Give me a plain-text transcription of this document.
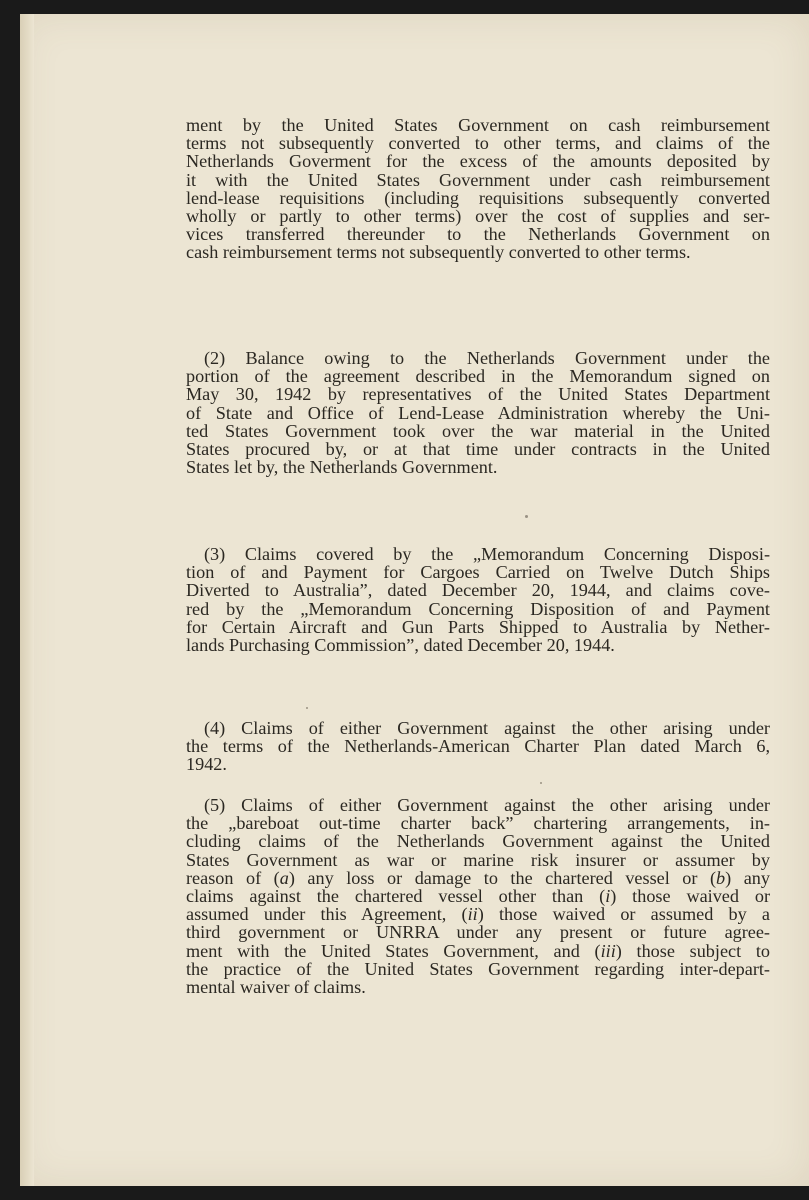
ment by the United States Government on cash reimbursement
terms not subsequently converted to other terms, and claims of the
Netherlands Goverment for the excess of the amounts deposited by
it with the United States Government under cash reimbursement
lend-lease requisitions (including requisitions subsequently converted
wholly or partly to other terms) over the cost of supplies and ser-
vices transferred thereunder to the Netherlands Government on
cash reimbursement terms not subsequently converted to other terms.
(2) Balance owing to the Netherlands Government under the
portion of the agreement described in the Memorandum signed on
May 30, 1942 by representatives of the United States Department
of State and Office of Lend-Lease Administration whereby the Uni-
ted States Government took over the war material in the United
States procured by, or at that time under contracts in the United
States let by, the Netherlands Government.
(3) Claims covered by the „Memorandum Concerning Disposi-
tion of and Payment for Cargoes Carried on Twelve Dutch Ships
Diverted to Australia”, dated December 20, 1944, and claims cove-
red by the „Memorandum Concerning Disposition of and Payment
for Certain Aircraft and Gun Parts Shipped to Australia by Nether-
lands Purchasing Commission”, dated December 20, 1944.
(4) Claims of either Government against the other arising under
the terms of the Netherlands-American Charter Plan dated March 6,
1942.
(5) Claims of either Government against the other arising under
the „bareboat out-time charter back” chartering arrangements, in-
cluding claims of the Netherlands Government against the United
States Government as war or marine risk insurer or assumer by
reason of (a) any loss or damage to the chartered vessel or (b) any
claims against the chartered vessel other than (i) those waived or
assumed under this Agreement, (ii) those waived or assumed by a
third government or UNRRA under any present or future agree-
ment with the United States Government, and (iii) those subject to
the practice of the United States Government regarding inter-depart-
mental waiver of claims.
